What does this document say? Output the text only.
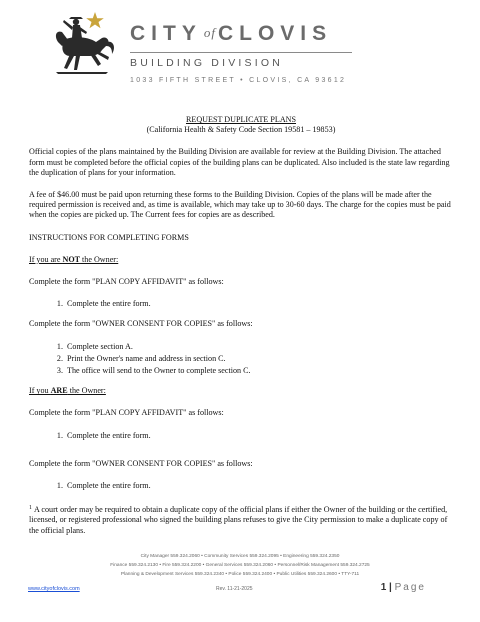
CITY ofCLOVIS
BUILDING DIVISION
1033 FIFTH STREET • CLOVIS, CA 93612

REQUEST DUPLICATE PLANS

(California Health & Safety Code Section 19581 – 19853)

Official copies of the plans maintained by the Building Division are available for review at the Building Division. The attached form must be completed before the official copies of the building plans can be duplicated. Also included is the state law regarding the duplication of plans for your information.

A fee of $46.00 must be paid upon returning these forms to the Building Division. Copies of the plans will be made after the required permission is received and, as time is available, which may take up to 30-60 days. The charge for the copies must be paid when the copies are picked up. The Current fees for copies are as described.

INSTRUCTIONS FOR COMPLETING FORMS

If you are NOT the Owner:

Complete the form "PLAN COPY AFFIDAVIT" as follows:

1. Complete the entire form.

Complete the form "OWNER CONSENT FOR COPIES" as follows:

1. Complete section A.
2. Print the Owner's name and address in section C.
3. The office will send to the Owner to complete section C.

If you ARE the Owner:

Complete the form "PLAN COPY AFFIDAVIT" as follows:

1. Complete the entire form.

Complete the form "OWNER CONSENT FOR COPIES" as follows:

1. Complete the entire form.

$^1$ A court order may be required to obtain a duplicate copy of the official plans if either the Owner of the building or the certified, licensed, or registered professional who signed the building plans refuses to give the City permission to make a duplicate copy of the official plans.

City Manager 559.324.2060 • Community Services 559.324.2095 • Engineering 559.324.2350
Finance 559.324.2130 • Fire 559.324.2200 • General Services 559.324.2060 • Personnel/Risk Management 559.324.2725
Planning & Development Services 559.324.2340 • Police 559.324.2400 • Public Utilities 559.324.2600 • TTY-711
www.cityofclovis.com	Rev. 11-21-2025	1 | Page
